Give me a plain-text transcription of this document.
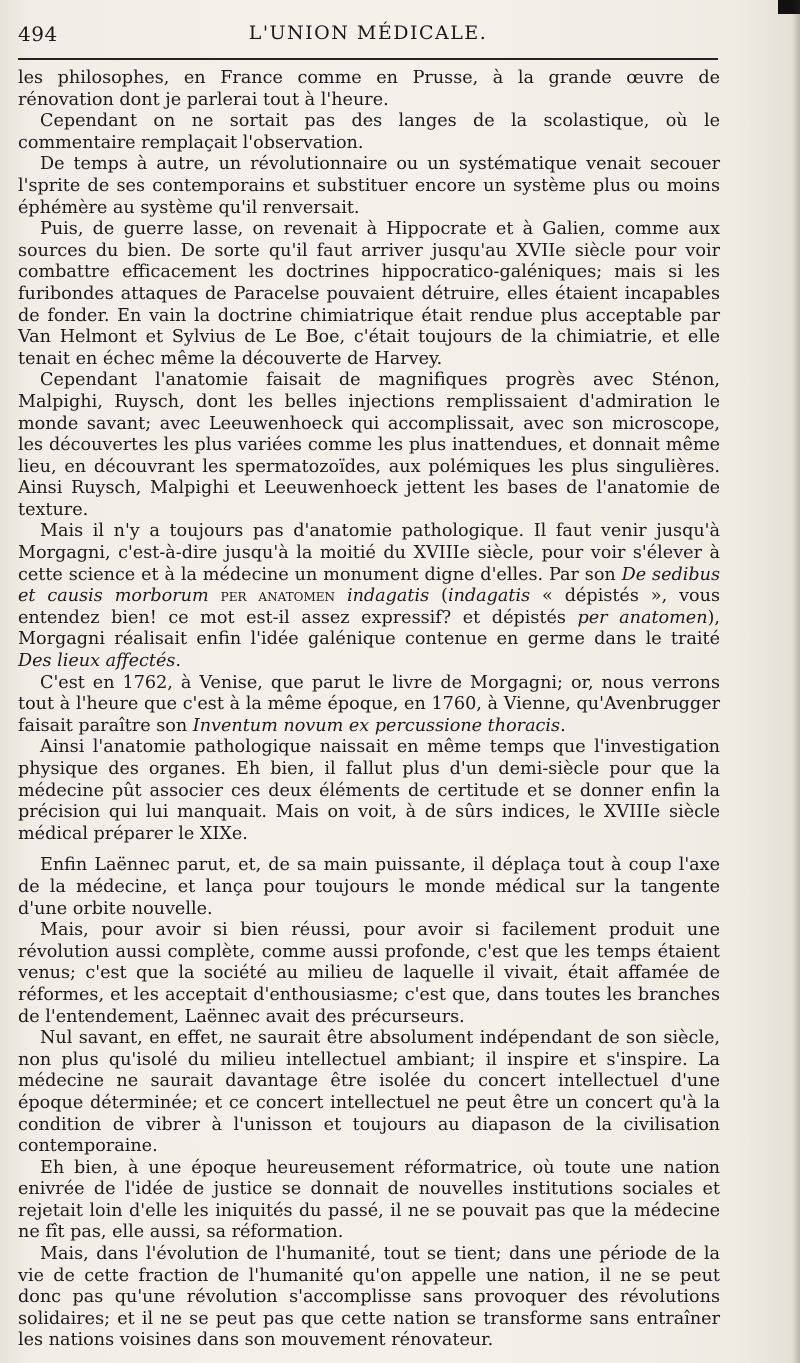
494	L'UNION MÉDICALE.

les philosophes, en France comme en Prusse, à la grande œuvre de rénovation dont je parlerai tout à l'heure.

Cependant on ne sortait pas des langes de la scolastique, où le commentaire remplaçait l'observation.

De temps à autre, un révolutionnaire ou un systématique venait secouer l'sprite de ses contemporains et substituer encore un système plus ou moins éphémère au système qu'il renversait.

Puis, de guerre lasse, on revenait à Hippocrate et à Galien, comme aux sources du bien. De sorte qu'il faut arriver jusqu'au XVIIe siècle pour voir combattre efficacement les doctrines hippocratico-galéniques; mais si les furibondes attaques de Paracelse pouvaient détruire, elles étaient incapables de fonder. En vain la doctrine chimiatrique était rendue plus acceptable par Van Helmont et Sylvius de Le Boe, c'était toujours de la chimiatrie, et elle tenait en échec même la découverte de Harvey.

Cependant l'anatomie faisait de magnifiques progrès avec Sténon, Malpighi, Ruysch, dont les belles injections remplissaient d'admiration le monde savant; avec Leeuwenhoeck qui accomplissait, avec son microscope, les découvertes les plus variées comme les plus inattendues, et donnait même lieu, en découvrant les spermatozoïdes, aux polémiques les plus singulières. Ainsi Ruysch, Malpighi et Leeuwenhoeck jettent les bases de l'anatomie de texture.

Mais il n'y a toujours pas d'anatomie pathologique. Il faut venir jusqu'à Morgagni, c'est-à-dire jusqu'à la moitié du XVIIIe siècle, pour voir s'élever à cette science et à la médecine un monument digne d'elles. Par son De sedibus et causis morborum per anatomen indagatis (indagatis « dépistés », vous entendez bien! ce mot est-il assez expressif? et dépistés per anatomen), Morgagni réalisait enfin l'idée galénique contenue en germe dans le traité Des lieux affectés.

C'est en 1762, à Venise, que parut le livre de Morgagni; or, nous verrons tout à l'heure que c'est à la même époque, en 1760, à Vienne, qu'Avenbrugger faisait paraître son Inventum novum ex percussione thoracis.

Ainsi l'anatomie pathologique naissait en même temps que l'investigation physique des organes. Eh bien, il fallut plus d'un demi-siècle pour que la médecine pût associer ces deux éléments de certitude et se donner enfin la précision qui lui manquait. Mais on voit, à de sûrs indices, le XVIIIe siècle médical préparer le XIXe.

Enfin Laënnec parut, et, de sa main puissante, il déplaça tout à coup l'axe de la médecine, et lança pour toujours le monde médical sur la tangente d'une orbite nouvelle.

Mais, pour avoir si bien réussi, pour avoir si facilement produit une révolution aussi complète, comme aussi profonde, c'est que les temps étaient venus; c'est que la société au milieu de laquelle il vivait, était affamée de réformes, et les acceptait d'enthousiasme; c'est que, dans toutes les branches de l'entendement, Laënnec avait des précurseurs.

Nul savant, en effet, ne saurait être absolument indépendant de son siècle, non plus qu'isolé du milieu intellectuel ambiant; il inspire et s'inspire. La médecine ne saurait davantage être isolée du concert intellectuel d'une époque déterminée; et ce concert intellectuel ne peut être un concert qu'à la condition de vibrer à l'unisson et toujours au diapason de la civilisation contemporaine.

Eh bien, à une époque heureusement réformatrice, où toute une nation enivrée de l'idée de justice se donnait de nouvelles institutions sociales et rejetait loin d'elle les iniquités du passé, il ne se pouvait pas que la médecine ne fît pas, elle aussi, sa réformation.

Mais, dans l'évolution de l'humanité, tout se tient; dans une période de la vie de cette fraction de l'humanité qu'on appelle une nation, il ne se peut donc pas qu'une révolution s'accomplisse sans provoquer des révolutions solidaires; et il ne se peut pas que cette nation se transforme sans entraîner les nations voisines dans son mouvement rénovateur.
